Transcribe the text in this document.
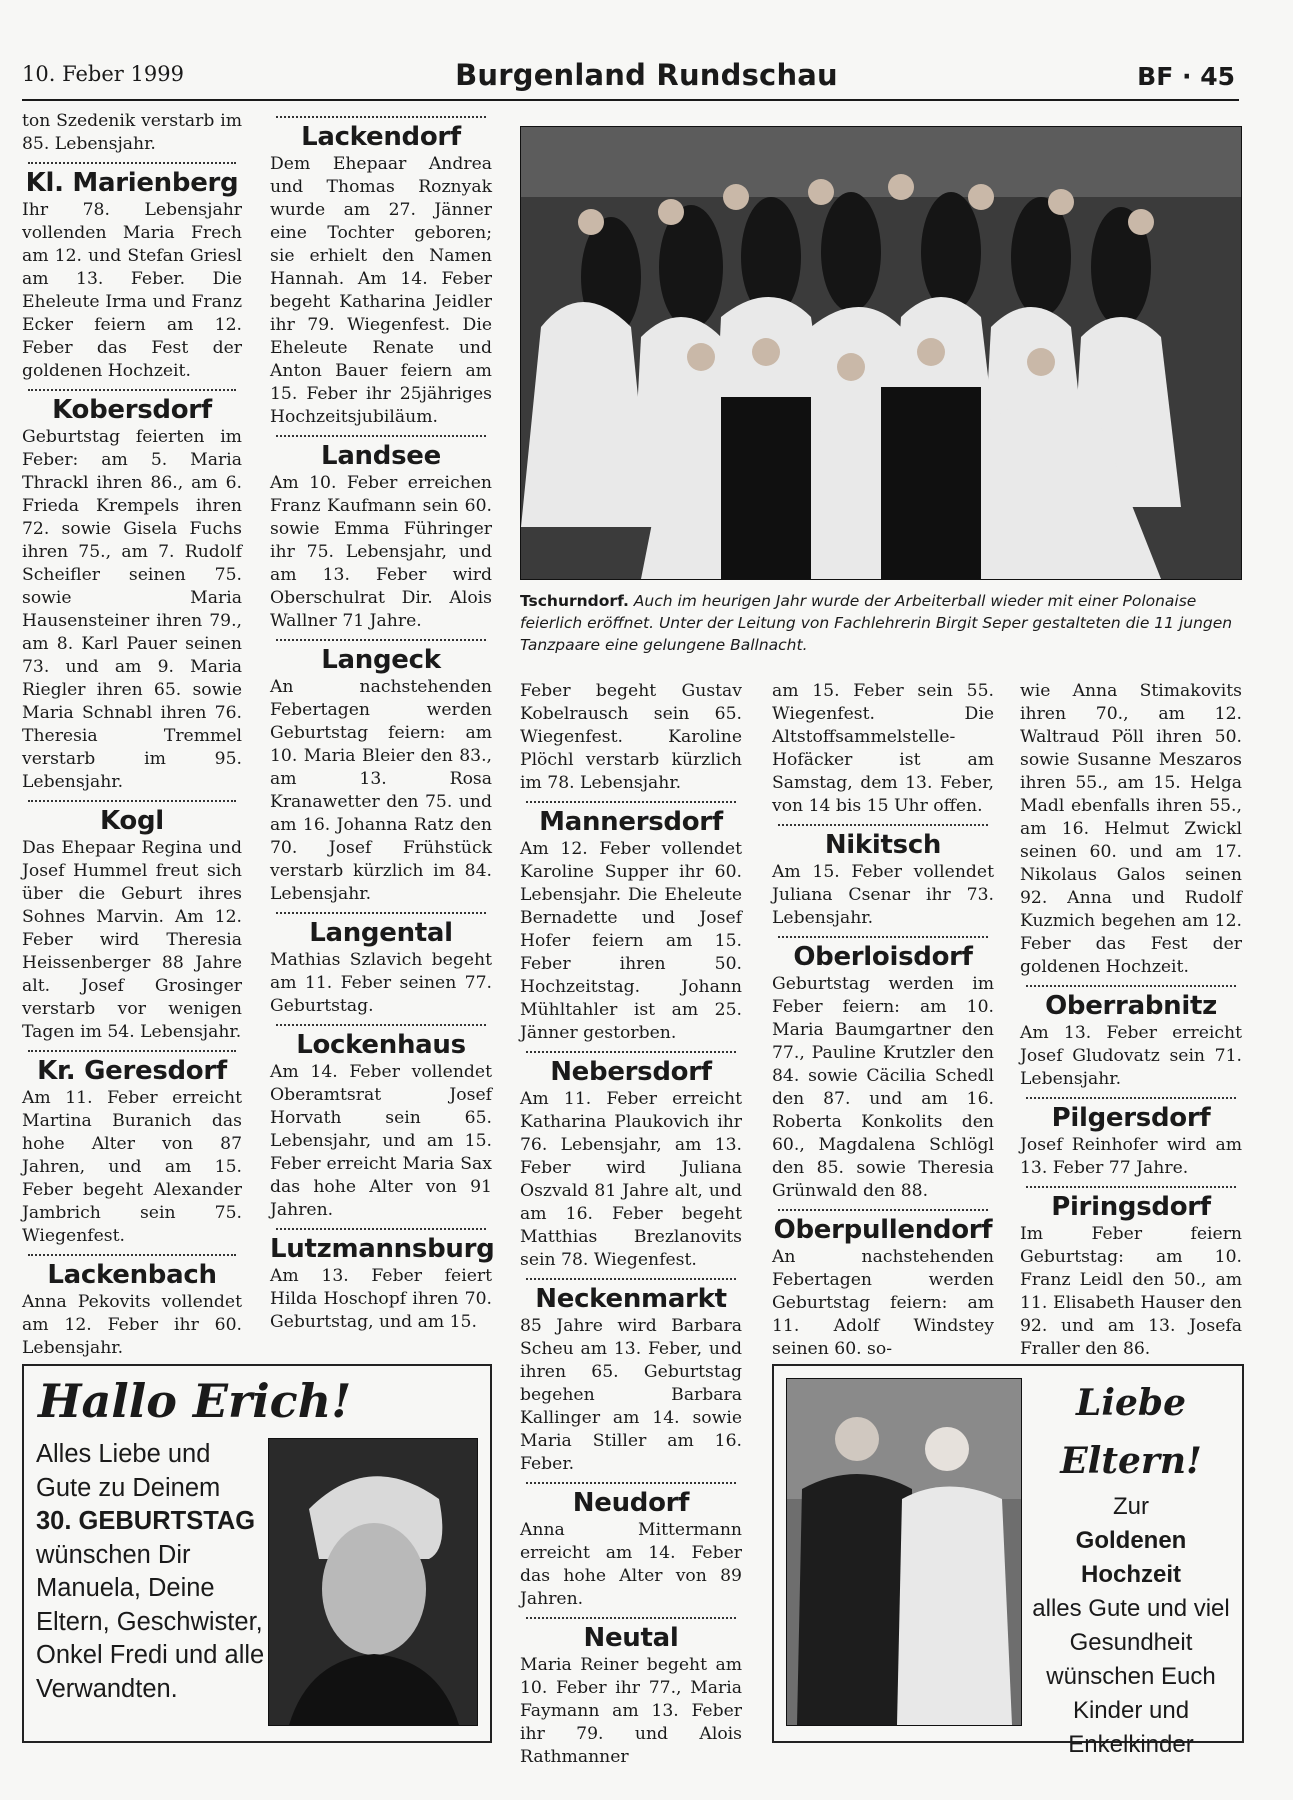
10. Feber 1999	Burgenland Rundschau	BF · 45

ton Szedenik verstarb im 85. Lebensjahr.

Kl. Marienberg

Ihr 78. Lebensjahr vollenden Maria Frech am 12. und Stefan Griesl am 13. Feber. Die Eheleute Irma und Franz Ecker feiern am 12. Feber das Fest der goldenen Hochzeit.

Kobersdorf

Geburtstag feierten im Feber: am 5. Maria Thrackl ihren 86., am 6. Frieda Krempels ihren 72. sowie Gisela Fuchs ihren 75., am 7. Rudolf Scheifler seinen 75. sowie Maria Hausensteiner ihren 79., am 8. Karl Pauer seinen 73. und am 9. Maria Riegler ihren 65. sowie Maria Schnabl ihren 76. Theresia Tremmel verstarb im 95. Lebensjahr.

Kogl

Das Ehepaar Regina und Josef Hummel freut sich über die Geburt ihres Sohnes Marvin. Am 12. Feber wird Theresia Heissenberger 88 Jahre alt. Josef Grosinger verstarb vor wenigen Tagen im 54. Lebensjahr.

Kr. Geresdorf

Am 11. Feber erreicht Martina Buranich das hohe Alter von 87 Jahren, und am 15. Feber begeht Alexander Jambrich sein 75. Wiegenfest.

Lackenbach

Anna Pekovits vollendet am 12. Feber ihr 60. Lebensjahr.

Lackendorf

Dem Ehepaar Andrea und Thomas Roznyak wurde am 27. Jänner eine Tochter geboren; sie erhielt den Namen Hannah. Am 14. Feber begeht Katharina Jeidler ihr 79. Wiegenfest. Die Eheleute Renate und Anton Bauer feiern am 15. Feber ihr 25jähriges Hochzeitsjubiläum.

Landsee

Am 10. Feber erreichen Franz Kaufmann sein 60. sowie Emma Führinger ihr 75. Lebensjahr, und am 13. Feber wird Oberschulrat Dir. Alois Wallner 71 Jahre.

Langeck

An nachstehenden Febertagen werden Geburtstag feiern: am 10. Maria Bleier den 83., am 13. Rosa Kranawetter den 75. und am 16. Johanna Ratz den 70. Josef Frühstück verstarb kürzlich im 84. Lebensjahr.

Langental

Mathias Szlavich begeht am 11. Feber seinen 77. Geburtstag.

Lockenhaus

Am 14. Feber vollendet Oberamtsrat Josef Horvath sein 65. Lebensjahr, und am 15. Feber erreicht Maria Sax das hohe Alter von 91 Jahren.

Lutzmannsburg

Am 13. Feber feiert Hilda Hoschopf ihren 70. Geburtstag, und am 15.

Feber begeht Gustav Kobelrausch sein 65. Wiegenfest. Karoline Plöchl verstarb kürzlich im 78. Lebensjahr.

Mannersdorf

Am 12. Feber vollendet Karoline Supper ihr 60. Lebensjahr. Die Eheleute Bernadette und Josef Hofer feiern am 15. Feber ihren 50. Hochzeitstag. Johann Mühltahler ist am 25. Jänner gestorben.

Nebersdorf

Am 11. Feber erreicht Katharina Plaukovich ihr 76. Lebensjahr, am 13. Feber wird Juliana Oszvald 81 Jahre alt, und am 16. Feber begeht Matthias Brezlanovits sein 78. Wiegenfest.

Neckenmarkt

85 Jahre wird Barbara Scheu am 13. Feber, und ihren 65. Geburtstag begehen Barbara Kallinger am 14. sowie Maria Stiller am 16. Feber.

Neudorf

Anna Mittermann erreicht am 14. Feber das hohe Alter von 89 Jahren.

Neutal

Maria Reiner begeht am 10. Feber ihr 77., Maria Faymann am 13. Feber ihr 79. und Alois Rathmanner

am 15. Feber sein 55. Wiegenfest. Die Altstoffsammelstelle-Hofäcker ist am Samstag, dem 13. Feber, von 14 bis 15 Uhr offen.

Nikitsch

Am 15. Feber vollendet Juliana Csenar ihr 73. Lebensjahr.

Oberloisdorf

Geburtstag werden im Feber feiern: am 10. Maria Baumgartner den 77., Pauline Krutzler den 84. sowie Cäcilia Schedl den 87. und am 16. Roberta Konkolits den 60., Magdalena Schlögl den 85. sowie Theresia Grünwald den 88.

Oberpullendorf

An nachstehenden Febertagen werden Geburtstag feiern: am 11. Adolf Windstey seinen 60. so-

wie Anna Stimakovits ihren 70., am 12. Waltraud Pöll ihren 50. sowie Susanne Meszaros ihren 55., am 15. Helga Madl ebenfalls ihren 55., am 16. Helmut Zwickl seinen 60. und am 17. Nikolaus Galos seinen 92. Anna und Rudolf Kuzmich begehen am 12. Feber das Fest der goldenen Hochzeit.

Oberrabnitz

Am 13. Feber erreicht Josef Gludovatz sein 71. Lebensjahr.

Pilgersdorf

Josef Reinhofer wird am 13. Feber 77 Jahre.

Piringsdorf

Im Feber feiern Geburtstag: am 10. Franz Leidl den 50., am 11. Elisabeth Hauser den 92. und am 13. Josefa Fraller den 86.

Tschurndorf. Auch im heurigen Jahr wurde der Arbeiterball wieder mit einer Polonaise feierlich eröffnet. Unter der Leitung von Fachlehrerin Birgit Seper gestalteten die 11 jungen Tanzpaare eine gelungene Ballnacht.
Hallo Erich!
Alles Liebe und Gute zu Deinem
30. GEBURTSTAG
wünschen Dir Manuela, Deine Eltern, Geschwister, Onkel Fredi und alle Verwandten.
Liebe Eltern!
Zur
Goldenen Hochzeit
alles Gute und viel Gesundheit wünschen Euch Kinder und Enkelkinder
